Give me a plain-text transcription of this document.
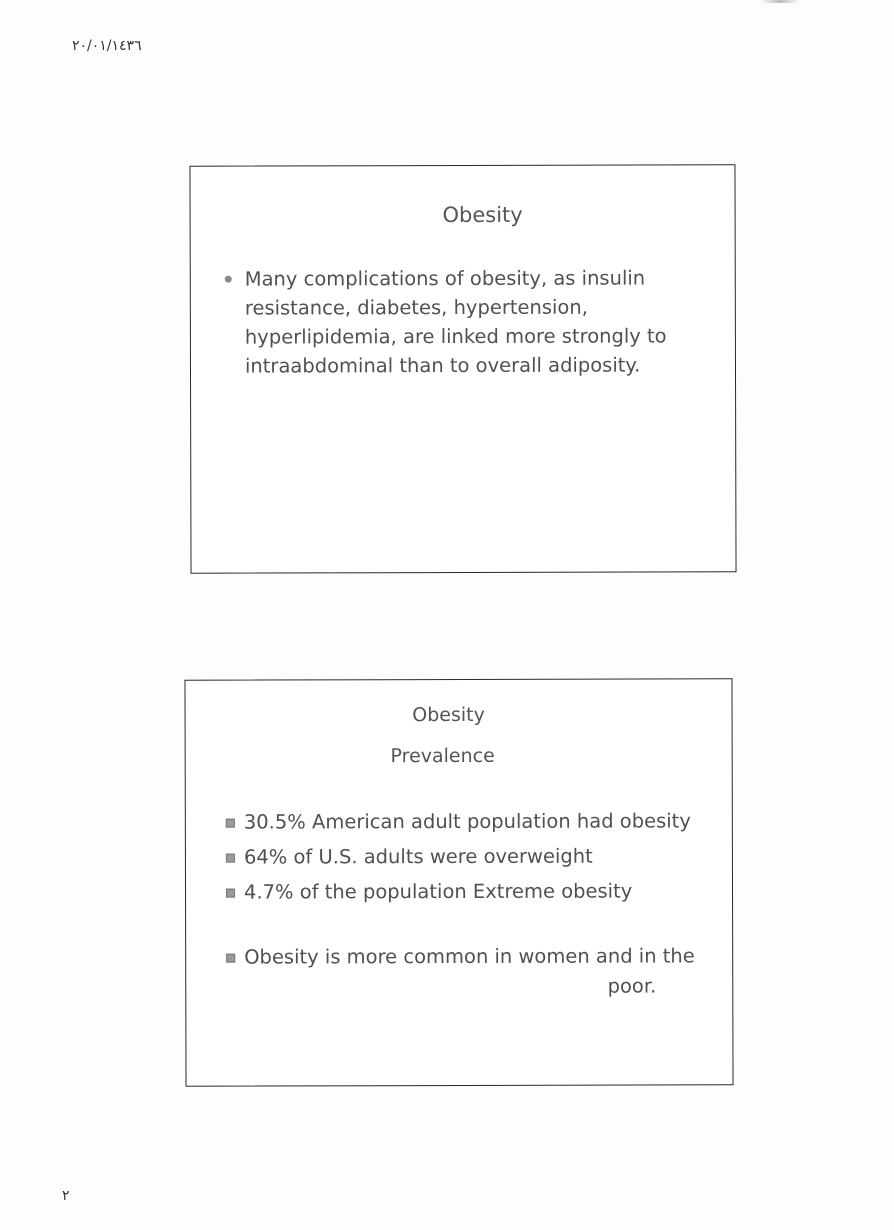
٢٠/٠١/١٤٣٦
Obesity
Many complications of obesity, as insulin resistance, diabetes, hypertension, hyperlipidemia, are linked more strongly to intraabdominal than to overall adiposity.
Obesity
Prevalence
30.5% American adult population had obesity
64% of U.S. adults were overweight
4.7% of the population Extreme obesity
Obesity is more common in women and in the
poor.
٢
